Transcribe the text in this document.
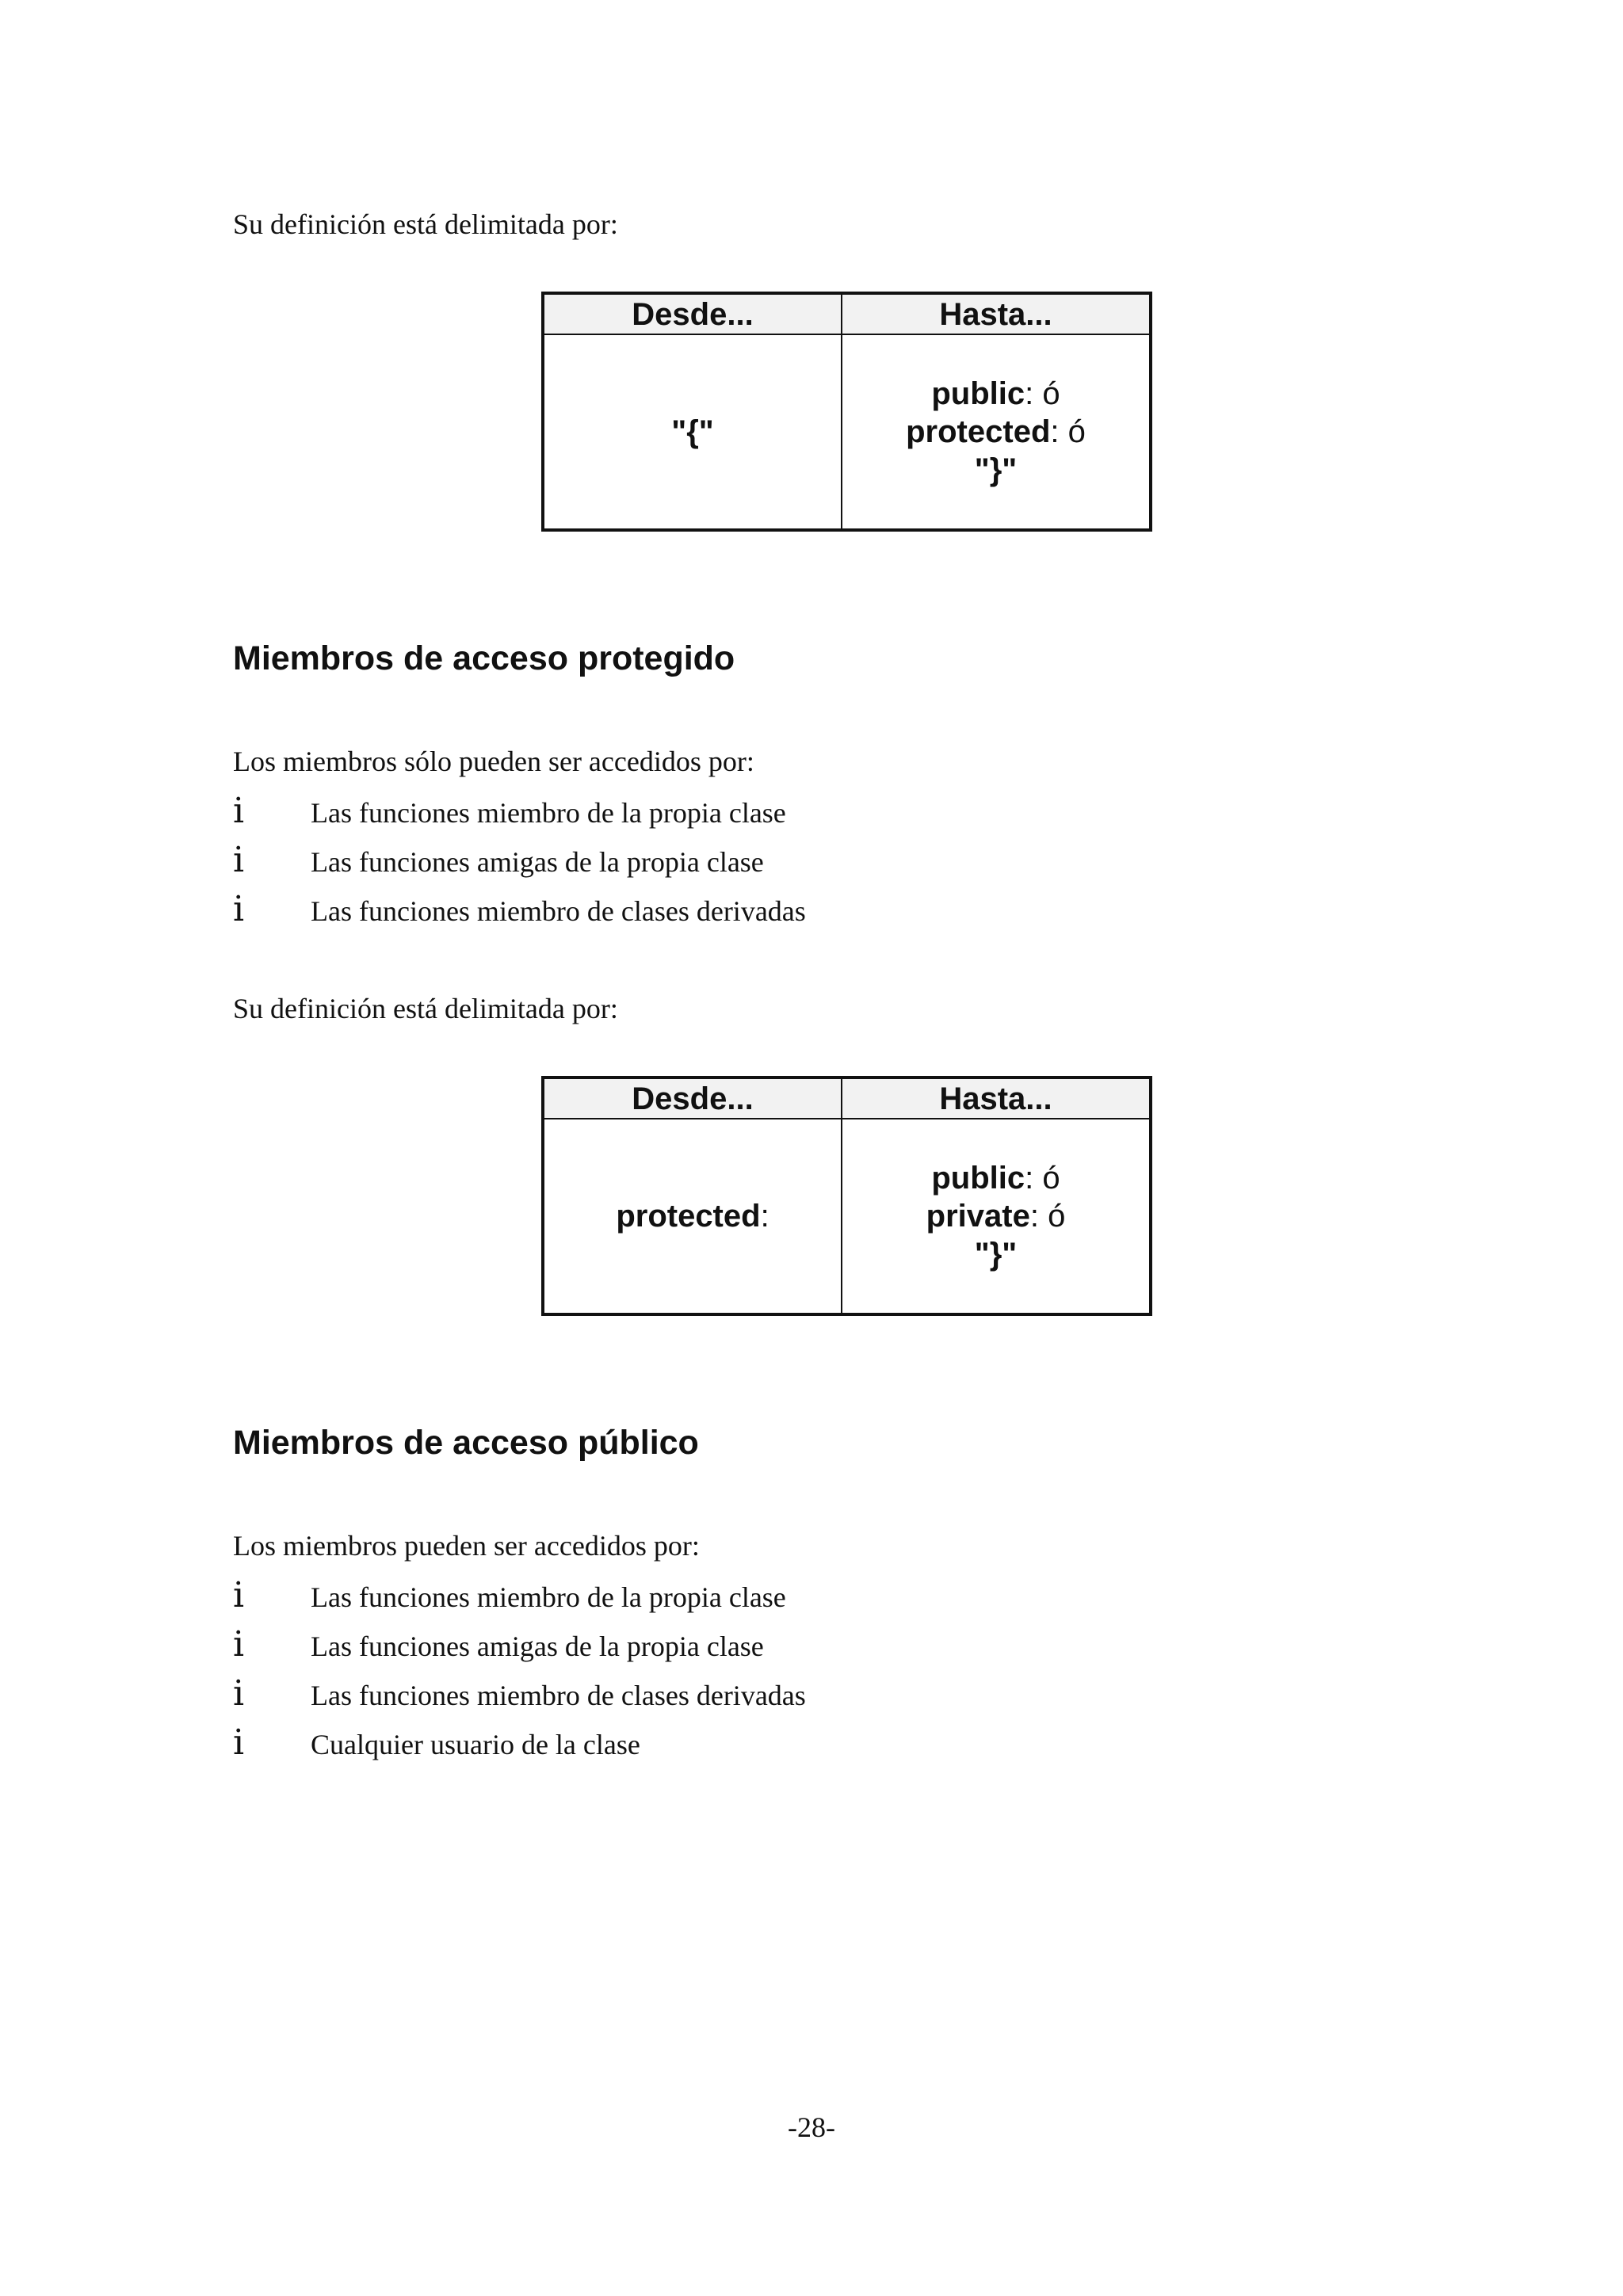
Su definición está delimitada por:
Desde...	Hasta...
"{"	public: ó
protected: ó
"}"
Miembros de acceso protegido
Los miembros sólo pueden ser accedidos por:
i	Las funciones miembro de la propia clase
i	Las funciones amigas de la propia clase
i	Las funciones miembro de clases derivadas
Su definición está delimitada por:
Desde...	Hasta...
protected:	public: ó
private: ó
"}"
Miembros de acceso público
Los miembros pueden ser accedidos por:
i	Las funciones miembro de la propia clase
i	Las funciones amigas de la propia clase
i	Las funciones miembro de clases derivadas
i	Cualquier usuario de la clase
-28-
